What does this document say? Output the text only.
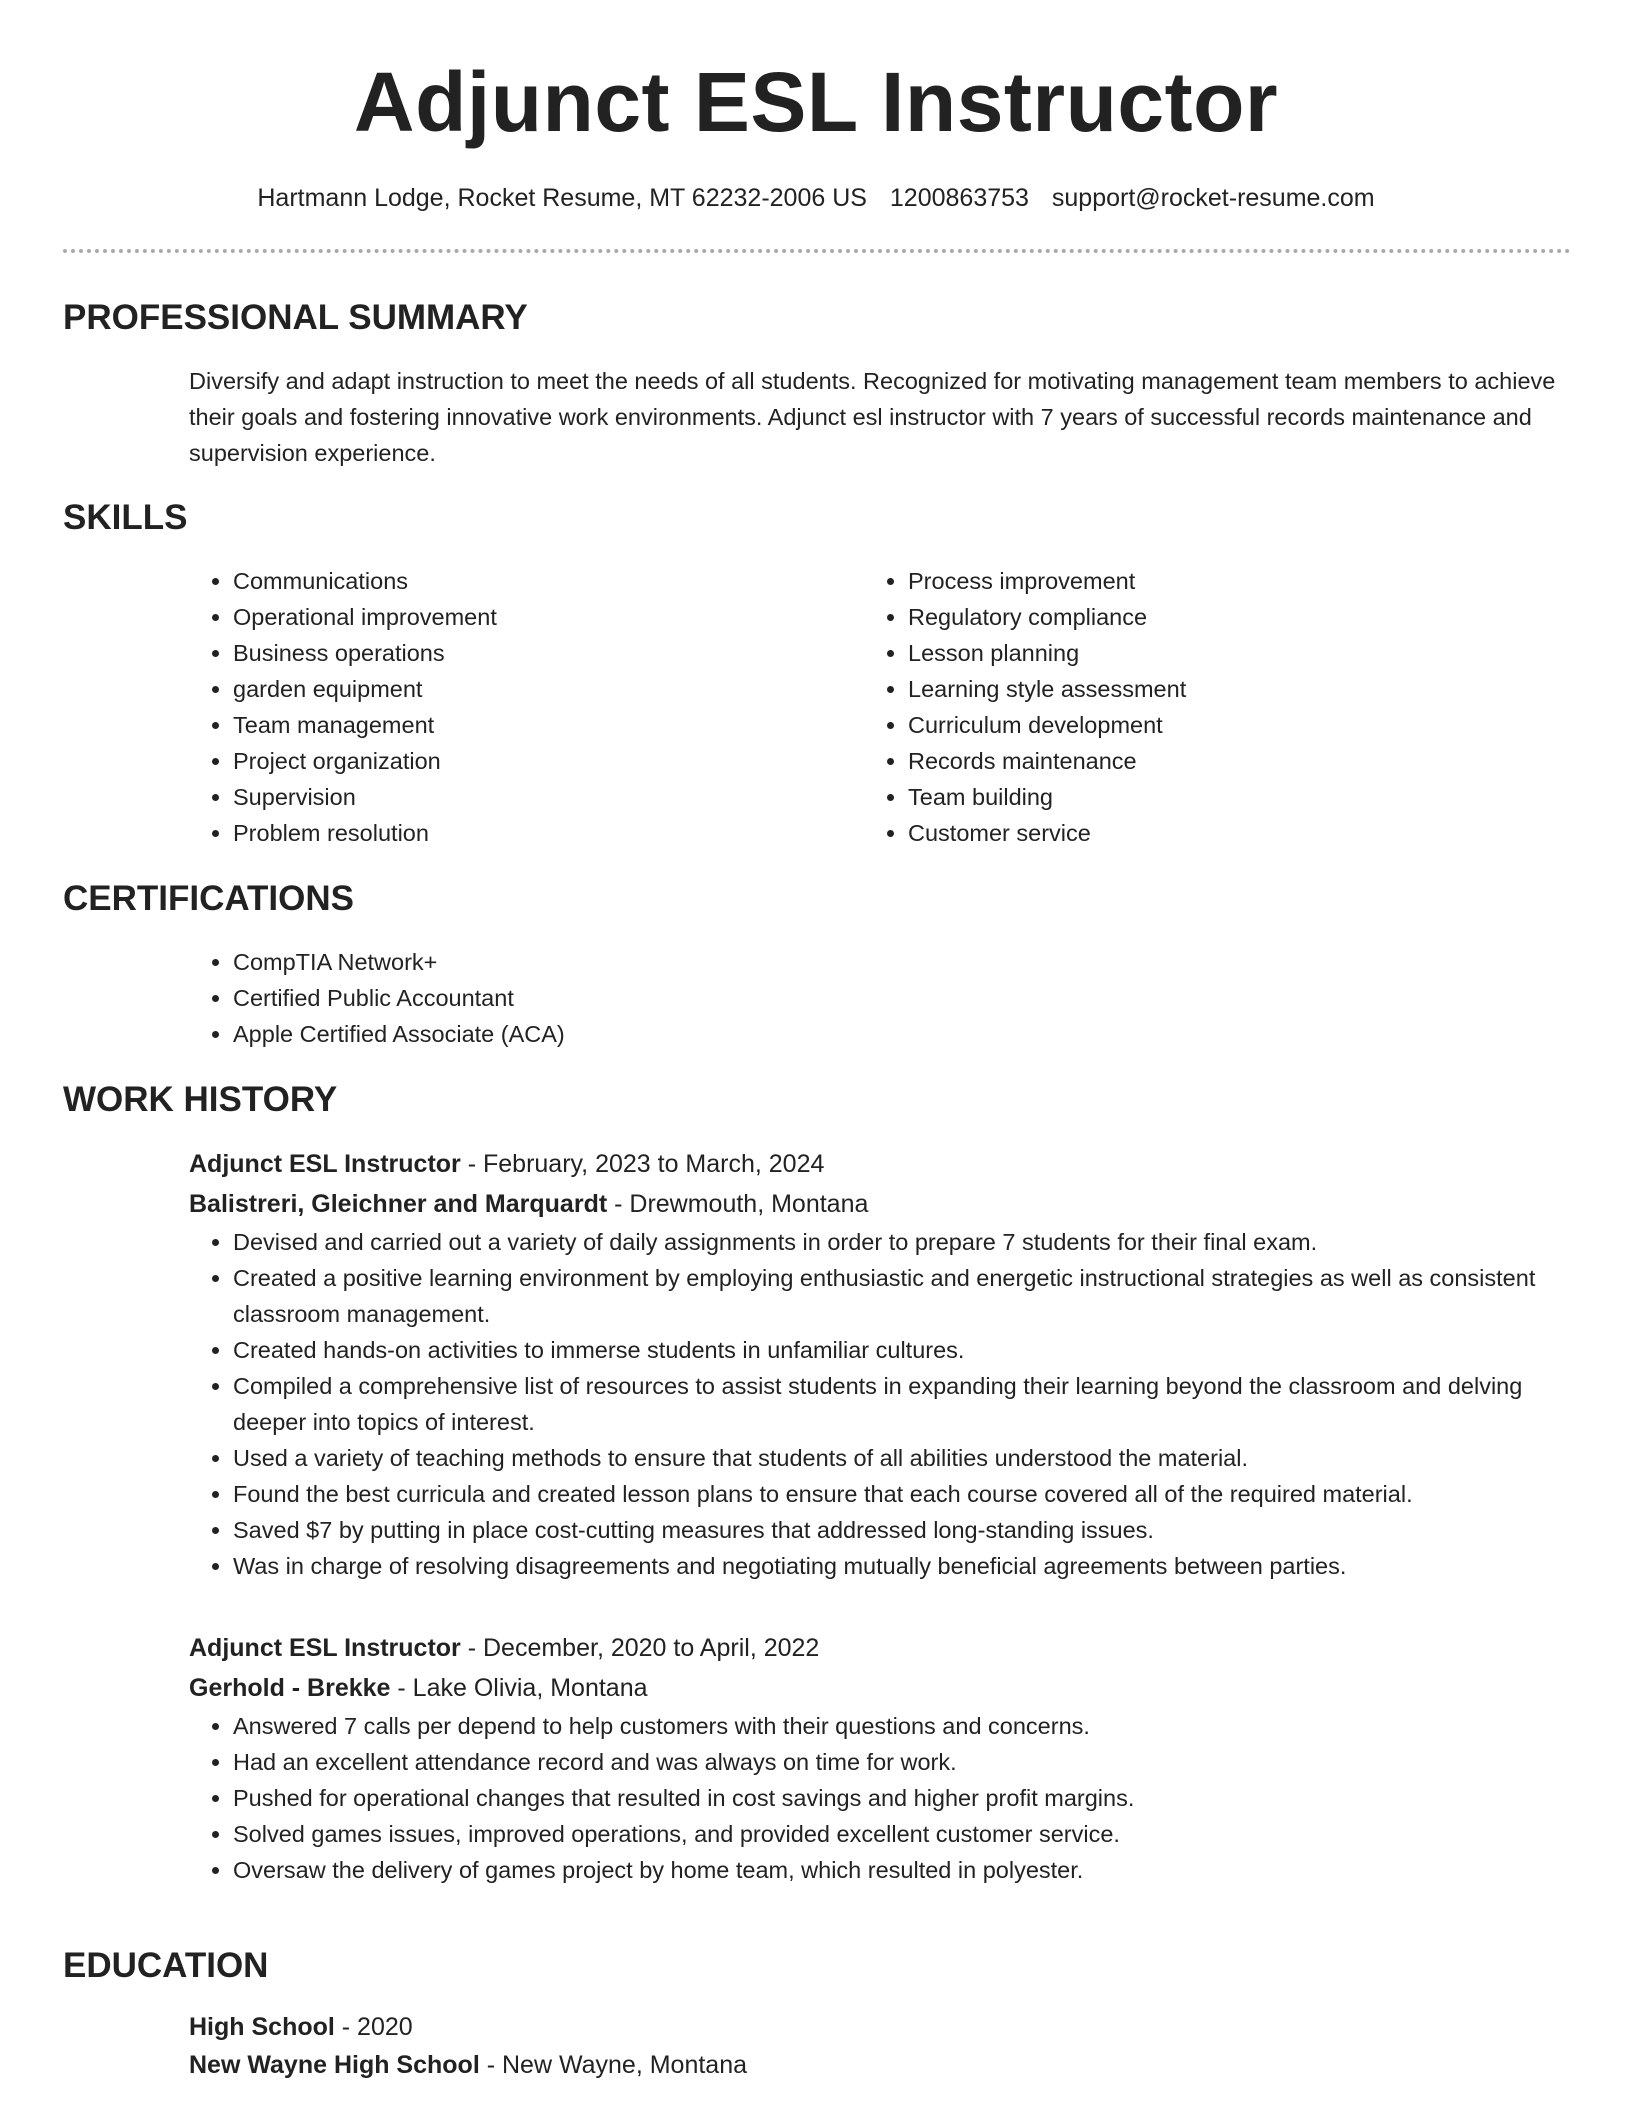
Adjunct ESL Instructor
Hartmann Lodge, Rocket Resume, MT 62232-2006 US 1200863753 support@rocket-resume.com
PROFESSIONAL SUMMARY

Diversify and adapt instruction to meet the needs of all students. Recognized for motivating management team members to achieve their goals and fostering innovative work environments. Adjunct esl instructor with 7 years of successful records maintenance and supervision experience.

SKILLS
• Communications
• Operational improvement
• Business operations
• garden equipment
• Team management
• Project organization
• Supervision
• Problem resolution
• Process improvement
• Regulatory compliance
• Lesson planning
• Learning style assessment
• Curriculum development
• Records maintenance
• Team building
• Customer service
CERTIFICATIONS
• CompTIA Network+
• Certified Public Accountant
• Apple Certified Associate (ACA)
WORK HISTORY

Adjunct ESL Instructor - February, 2023 to March, 2024

Balistreri, Gleichner and Marquardt - Drewmouth, Montana

• Devised and carried out a variety of daily assignments in order to prepare 7 students for their final exam.
• Created a positive learning environment by employing enthusiastic and energetic instructional strategies as well as consistent classroom management.
• Created hands-on activities to immerse students in unfamiliar cultures.
• Compiled a comprehensive list of resources to assist students in expanding their learning beyond the classroom and delving deeper into topics of interest.
• Used a variety of teaching methods to ensure that students of all abilities understood the material.
• Found the best curricula and created lesson plans to ensure that each course covered all of the required material.
• Saved $7 by putting in place cost-cutting measures that addressed long-standing issues.
• Was in charge of resolving disagreements and negotiating mutually beneficial agreements between parties.

Adjunct ESL Instructor - December, 2020 to April, 2022

Gerhold - Brekke - Lake Olivia, Montana

• Answered 7 calls per depend to help customers with their questions and concerns.
• Had an excellent attendance record and was always on time for work.
• Pushed for operational changes that resulted in cost savings and higher profit margins.
• Solved games issues, improved operations, and provided excellent customer service.
• Oversaw the delivery of games project by home team, which resulted in polyester.
EDUCATION

High School - 2020

New Wayne High School - New Wayne, Montana
